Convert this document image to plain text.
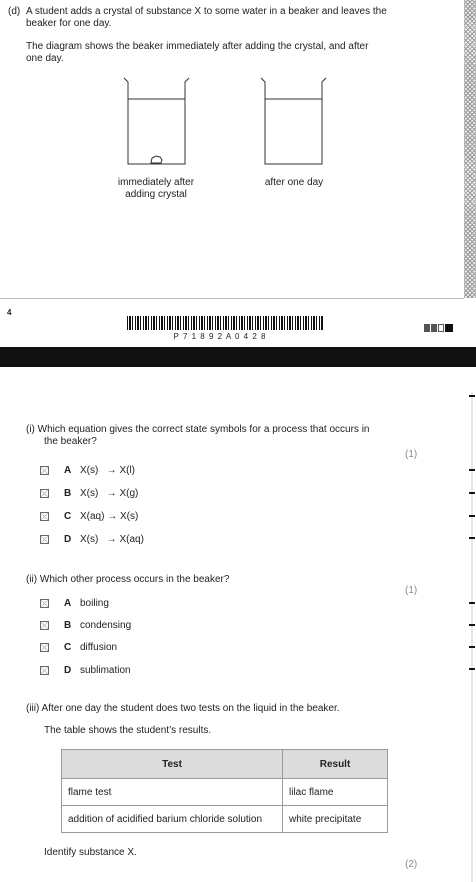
(d) A student adds a crystal of substance X to some water in a beaker and leaves the
beaker for one day.
The diagram shows the beaker immediately after adding the crystal, and after
one day.
immediately after
adding crystal
after one day
4
P 7 1 8 9 2 A 0 4 2 8
(i) Which equation gives the correct state symbols for a process that occurs in
the beaker?
(1)
A X(s)   → X(l)
B X(s)   → X(g)
C X(aq) → X(s)
D X(s)   → X(aq)
(ii) Which other process occurs in the beaker?
(1)
A boiling
B condensing
C diffusion
D sublimation
(iii) After one day the student does two tests on the liquid in the beaker.
The table shows the student’s results.
Test	Result
flame test	lilac flame
addition of acidified barium chloride solution	white precipitate
Identify substance X.
(2)
